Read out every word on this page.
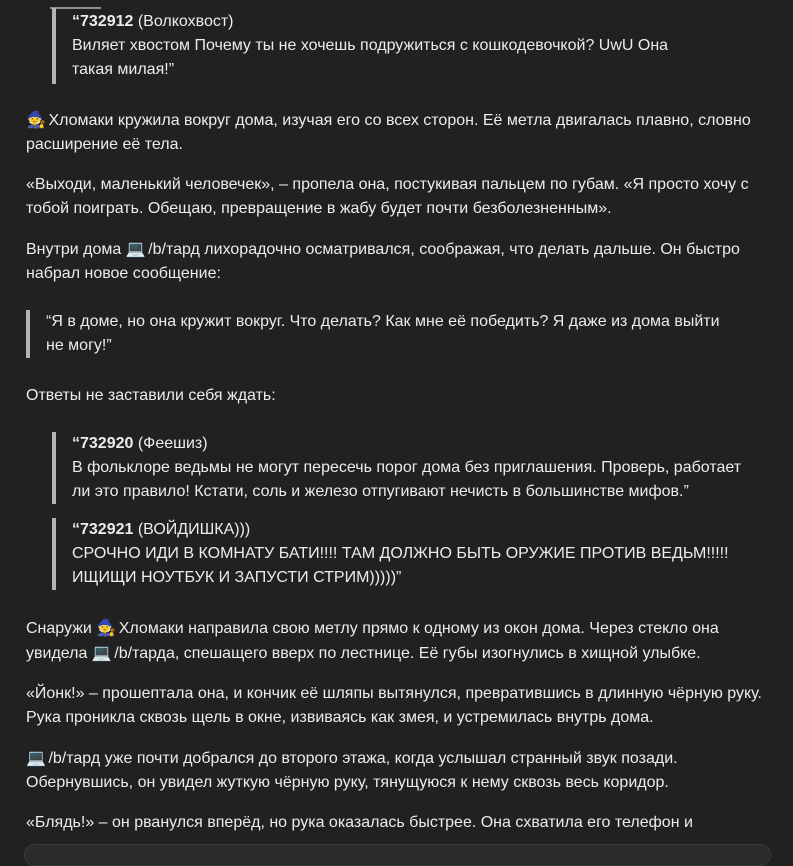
“732912 (Волкохвост)

Виляет хвостом Почему ты не хочешь подружиться с кошкодевочкой? UwU Она

такая милая!”

🧙 Хломаки кружила вокруг дома, изучая его со всех сторон. Её метла двигалась плавно, словно расширение её тела.

«Выходи, маленький человечек», – пропела она, постукивая пальцем по губам. «Я просто хочу с тобой поиграть. Обещаю, превращение в жабу будет почти безболезненным».

Внутри дома 💻 /b/тард лихорадочно осматривался, соображая, что делать дальше. Он быстро набрал новое сообщение:

“Я в доме, но она кружит вокруг. Что делать? Как мне её победить? Я даже из дома выйти

не могу!”

Ответы не заставили себя ждать:

“732920 (Феешиз)

В фольклоре ведьмы не могут пересечь порог дома без приглашения. Проверь, работает

ли это правило! Кстати, соль и железо отпугивают нечисть в большинстве мифов.”

“732921 (ВОЙДИШКА)))

СРОЧНО ИДИ В КОМНАТУ БАТИ!!!! ТАМ ДОЛЖНО БЫТЬ ОРУЖИЕ ПРОТИВ ВЕДЬМ!!!!!

ИЩИЩИ НОУТБУК И ЗАПУСТИ СТРИМ)))))”

Снаружи 🧙 Хломаки направила свою метлу прямо к одному из окон дома. Через стекло она увидела 💻 /b/тарда, спешащего вверх по лестнице. Её губы изогнулись в хищной улыбке.

«Йонк!» – прошептала она, и кончик её шляпы вытянулся, превратившись в длинную чёрную руку. Рука проникла сквозь щель в окне, извиваясь как змея, и устремилась внутрь дома.

💻 /b/тард уже почти добрался до второго этажа, когда услышал странный звук позади. Обернувшись, он увидел жуткую чёрную руку, тянущуюся к нему сквозь весь коридор.

«Блядь!» – он рванулся вперёд, но рука оказалась быстрее. Она схватила его телефон и
